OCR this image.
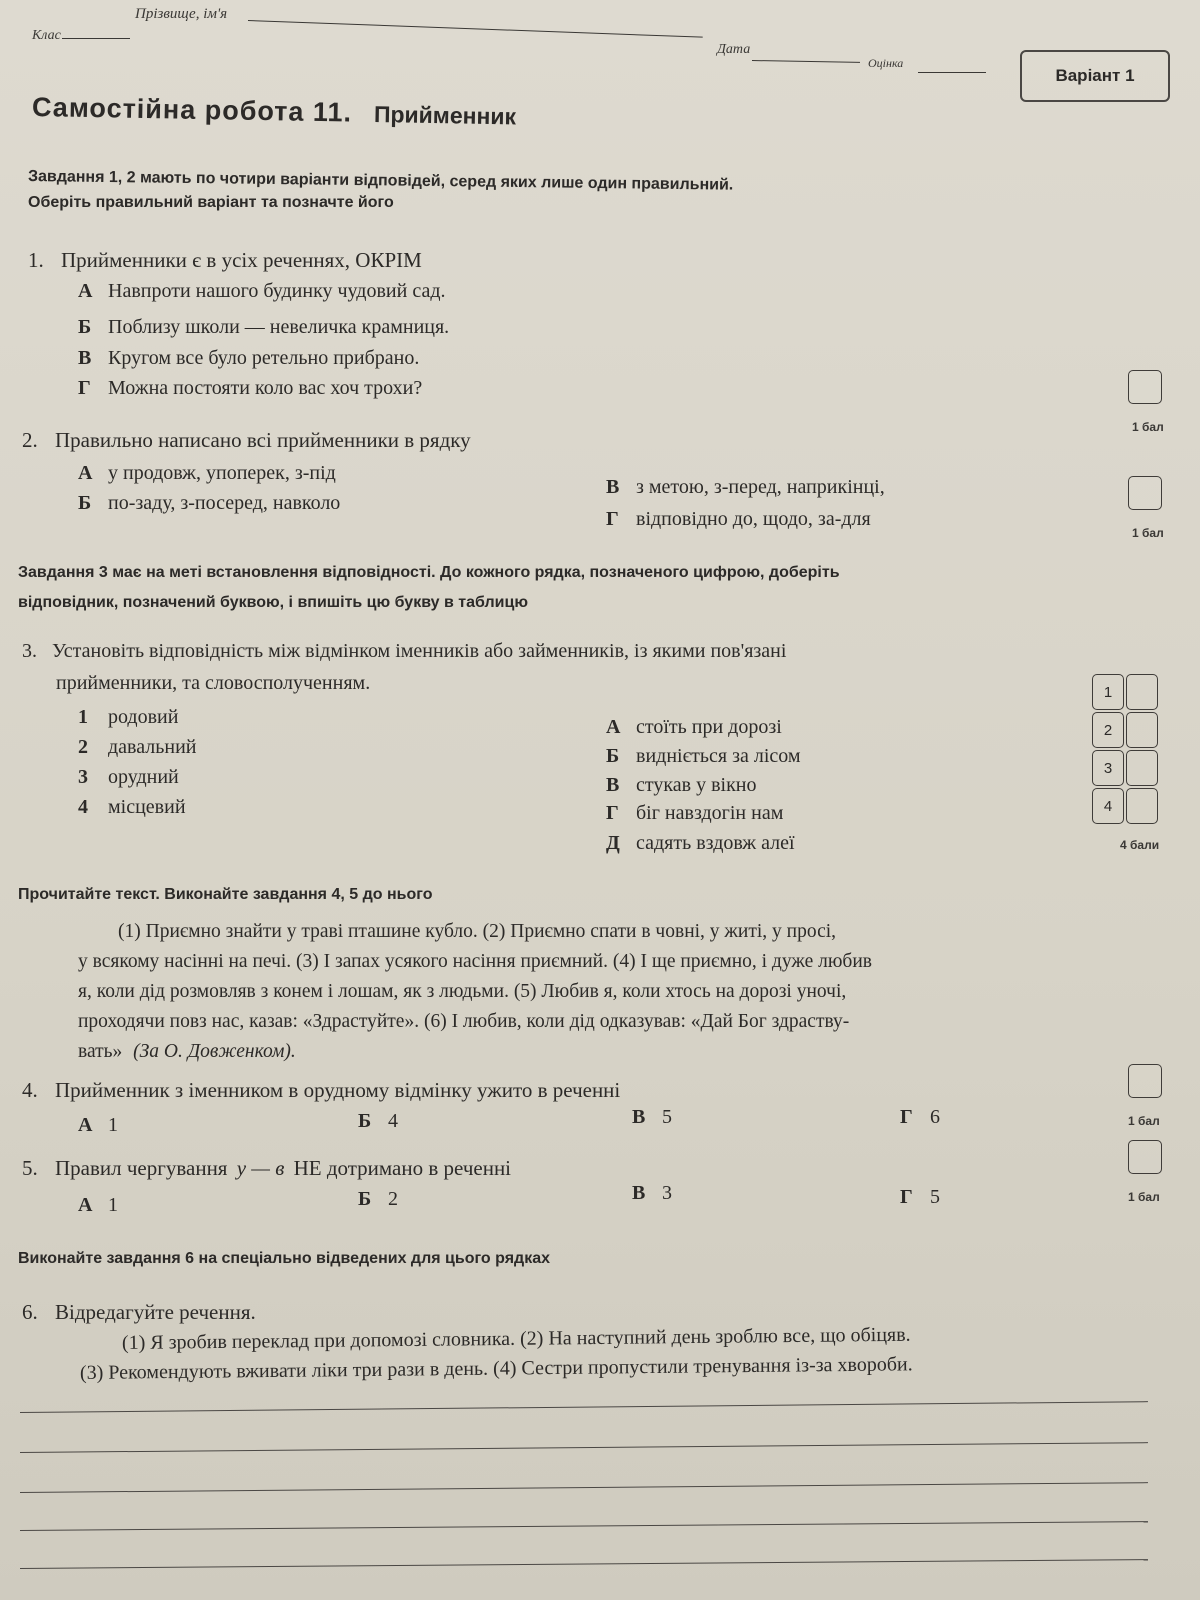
Клас
Прізвище, ім'я
Дата
Оцінка
Варіант 1
Самостійна робота 11. Прийменник
Завдання 1, 2 мають по чотири варіанти відповідей, серед яких лише один правильний.
Оберіть правильний варіант та позначте його
1. Прийменники є в усіх реченнях, ОКРІМ
А Навпроти нашого будинку чудовий сад.
Б Поблизу школи — невеличка крамниця.
В Кругом все було ретельно прибрано.
Г Можна постояти коло вас хоч трохи?
1 бал
2. Правильно написано всі прийменники в рядку
А у продовж, упоперек, з-під
Б по-заду, з-посеред, навколо
В з метою, з-перед, наприкінці,
Г відповідно до, щодо, за-для
1 бал
Завдання 3 має на меті встановлення відповідності. До кожного рядка, позначеного цифрою, доберіть
відповідник, позначений буквою, і впишіть цю букву в таблицю
3. Установіть відповідність між відмінком іменників або займенників, із якими пов'язані
прийменники, та словосполученням.
1 родовий
2 давальний
3 орудний
4 місцевий
А стоїть при дорозі
Б видніється за лісом
В стукав у вікно
Г біг навздогін нам
Д садять вздовж алеї
1
2
3
4
4 бали
Прочитайте текст. Виконайте завдання 4, 5 до нього
(1) Приємно знайти у траві пташине кубло. (2) Приємно спати в човні, у житі, у просі,
у всякому насінні на печі. (3) І запах усякого насіння приємний. (4) І ще приємно, і дуже любив
я, коли дід розмовляв з конем і лошам, як з людьми. (5) Любив я, коли хтось на дорозі уночі,
проходячи повз нас, казав: «Здрастуйте». (6) І любив, коли дід одказував: «Дай Бог здраству-
вать» (За О. Довженком).
4. Прийменник з іменником в орудному відмінку ужито в реченні
А 1	Б 4	В 5	Г 6	1 бал
5. Правил чергування у — в НЕ дотримано в реченні
А 1	Б 2	В 3	Г 5	1 бал
Виконайте завдання 6 на спеціально відведених для цього рядках
6. Відредагуйте речення.
(1) Я зробив переклад при допомозі словника. (2) На наступний день зроблю все, що обіцяв.
(3) Рекомендують вживати ліки три рази в день. (4) Сестри пропустили тренування із-за хвороби.
